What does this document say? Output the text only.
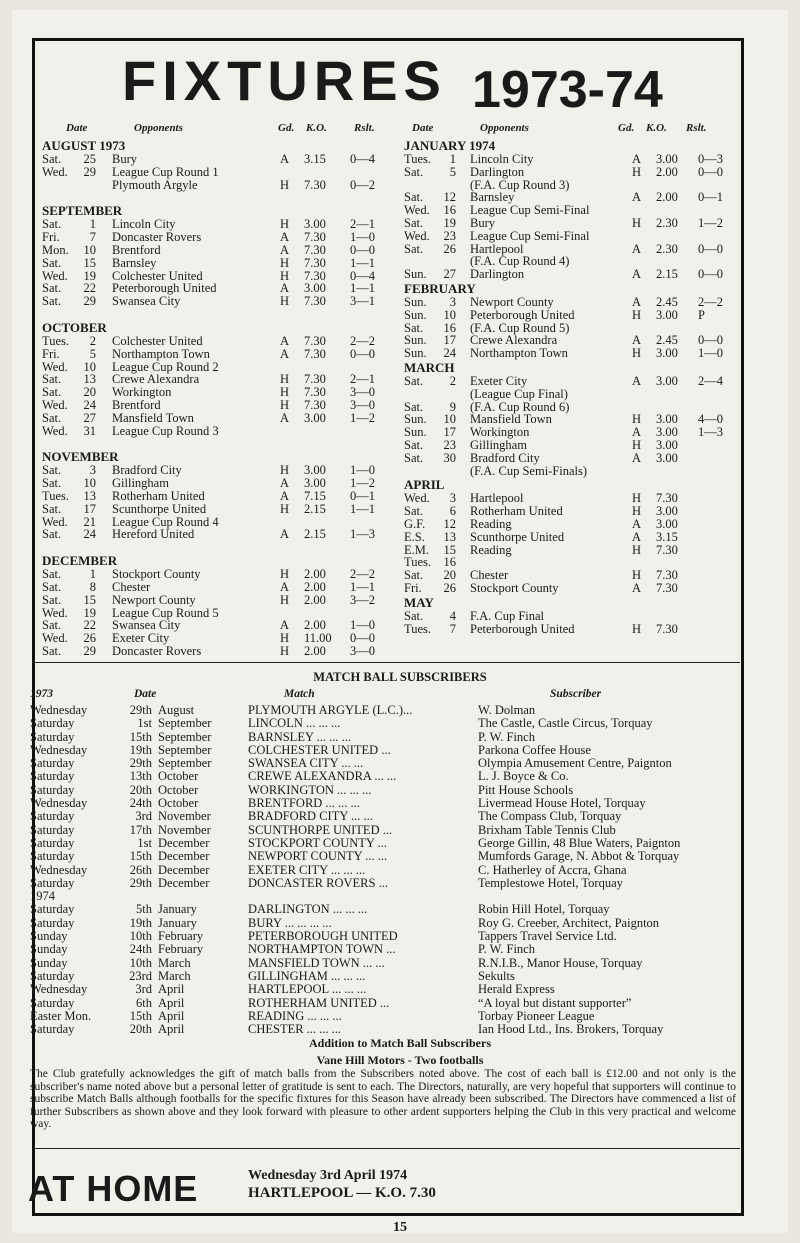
FIXTURES 1973-74
Date	Opponents	Gd. K.O. Rslt.
AUGUST 1973
Sat. 25 Bury	A 3.15 0—4
Wed. 29 League Cup Round 1
Plymouth Argyle	H 7.30 0—2
SEPTEMBER
Sat.	1 Lincoln City	H 3.00 2—1
Fri.	7 Doncaster Rovers	A 7.30 1—0
Mon. 10 Brentford	A 7.30 0—0
Sat. 15 Barnsley	H 7.30 1—1
Wed. 19 Colchester United	H 7.30 0—4
Sat. 22 Peterborough United	A 3.00 1—1
Sat. 29 Swansea City	H 7.30 3—1
OCTOBER
Tues.	2 Colchester United	A 7.30 2—2
Fri.	5 Northampton Town	A 7.30 0—0
Wed. 10 League Cup Round 2
Sat. 13 Crewe Alexandra	H 7.30 2—1
Sat. 20 Workington	H 7.30 3—0
Wed. 24 Brentford	H 7.30 3—0
Sat. 27 Mansfield Town	A 3.00 1—2
Wed. 31 League Cup Round 3
NOVEMBER
Sat.	3 Bradford City	H 3.00 1—0
Sat. 10 Gillingham	A 3.00 1—2
Tues. 13 Rotherham United	A 7.15 0—1
Sat. 17 Scunthorpe United	H 2.15 1—1
Wed. 21 League Cup Round 4
Sat. 24 Hereford United	A 2.15 1—3
DECEMBER
Sat.	1 Stockport County	H 2.00 2—2
Sat.	8 Chester	A 2.00 1—1
Sat. 15 Newport County	H 2.00 3—2
Wed. 19 League Cup Round 5
Sat. 22 Swansea City	A 2.00 1—0
Wed. 26 Exeter City	H 11.00 0—0
Sat. 29 Doncaster Rovers	H 2.00 3—0
Date	Opponents	Gd. K.O. Rslt.
JANUARY 1974
Tues.	1 Lincoln City	A 3.00 0—3
Sat.	5 Darlington	H 2.00 0—0
(F.A. Cup Round 3)
Sat. 12 Barnsley	A 2.00 0—1
Wed. 16 League Cup Semi-Final
Sat. 19 Bury	H 2.30 1—2
Wed. 23 League Cup Semi-Final
Sat. 26 Hartlepool	A 2.30 0—0
(F.A. Cup Round 4)
Sun. 27 Darlington	A 2.15 0—0
FEBRUARY
Sun.	3 Newport County	A 2.45 2—2
Sun. 10 Peterborough United	H 3.00 P
Sat. 16 (F.A. Cup Round 5)
Sun. 17 Crewe Alexandra	A 2.45 0—0
Sun. 24 Northampton Town	H 3.00 1—0
MARCH
Sat.	2 Exeter City	A 3.00 2—4
(League Cup Final)
Sat.	9 (F.A. Cup Round 6)
Sun. 10 Mansfield Town	H 3.00 4—0
Sun. 17 Workington	A 3.00 1—3
Sat. 23 Gillingham	H 3.00
Sat. 30 Bradford City	A 3.00
(F.A. Cup Semi-Finals)
APRIL
Wed.	3 Hartlepool	H 7.30
Sat.	6 Rotherham United	H 3.00
G.F. 12 Reading	A 3.00
E.S. 13 Scunthorpe United	A 3.15
E.M. 15 Reading	H 7.30
Tues. 16
Sat. 20 Chester	H 7.30
Fri. 26 Stockport County	A 7.30
MAY
Sat.	4 F.A. Cup Final
Tues.	7 Peterborough United	H 7.30
MATCH BALL SUBSCRIBERS
1973	Date	Match	Subscriber
Wednesday	29th August	PLYMOUTH ARGYLE (L.C.)...	W. Dolman
Saturday	1st September	LINCOLN ... ... ...	The Castle, Castle Circus, Torquay
Saturday	15th September	BARNSLEY ... ... ...	P. W. Finch
Wednesday	19th September	COLCHESTER UNITED ...	Parkona Coffee House
Saturday	29th September	SWANSEA CITY ... ...	Olympia Amusement Centre, Paignton
Saturday	13th October	CREWE ALEXANDRA ... ...	L. J. Boyce & Co.
Saturday	20th October	WORKINGTON ... ... ...	Pitt House Schools
Wednesday	24th October	BRENTFORD ... ... ...	Livermead House Hotel, Torquay
Saturday	3rd November	BRADFORD CITY ... ...	The Compass Club, Torquay
Saturday	17th November	SCUNTHORPE UNITED ...	Brixham Table Tennis Club
Saturday	1st December	STOCKPORT COUNTY ...	George Gillin, 48 Blue Waters, Paignton
Saturday	15th December	NEWPORT COUNTY ... ...	Mumfords Garage, N. Abbot & Torquay
Wednesday	26th December	EXETER CITY ... ... ...	C. Hatherley of Accra, Ghana
Saturday	29th December	DONCASTER ROVERS ...	Templestowe Hotel, Torquay
1974
Saturday	5th January	DARLINGTON ... ... ...	Robin Hill Hotel, Torquay
Saturday	19th January	BURY ... ... ... ...	Roy G. Creeber, Architect, Paignton
Sunday	10th February	PETERBOROUGH UNITED	Tappers Travel Service Ltd.
Sunday	24th February	NORTHAMPTON TOWN ...	P. W. Finch
Sunday	10th March	MANSFIELD TOWN ... ...	R.N.I.B., Manor House, Torquay
Saturday	23rd March	GILLINGHAM ... ... ...	Sekults
Wednesday	3rd April	HARTLEPOOL ... ... ...	Herald Express
Saturday	6th April	ROTHERHAM UNITED ...	“A loyal but distant supporter”
Easter Mon.	15th April	READING ... ... ...	Torbay Pioneer League
Saturday	20th April	CHESTER ... ... ...	Ian Hood Ltd., Ins. Brokers, Torquay
Addition to Match Ball Subscribers
Vane Hill Motors - Two footballs
The Club gratefully acknowledges the gift of match balls from the Subscribers noted above. The cost of each ball is £12.00 and not only is the subscriber's name noted above but a personal letter of gratitude is sent to each. The Directors, naturally, are very hopeful that supporters will continue to subscribe Match Balls although footballs for the specific fixtures for this Season have already been subscribed. The Directors have commenced a list of further Subscribers as shown above and they look forward with pleasure to other ardent supporters helping the Club in this very practical and welcome way.
AT HOME	Wednesday 3rd April 1974
HARTLEPOOL — K.O. 7.30
15
